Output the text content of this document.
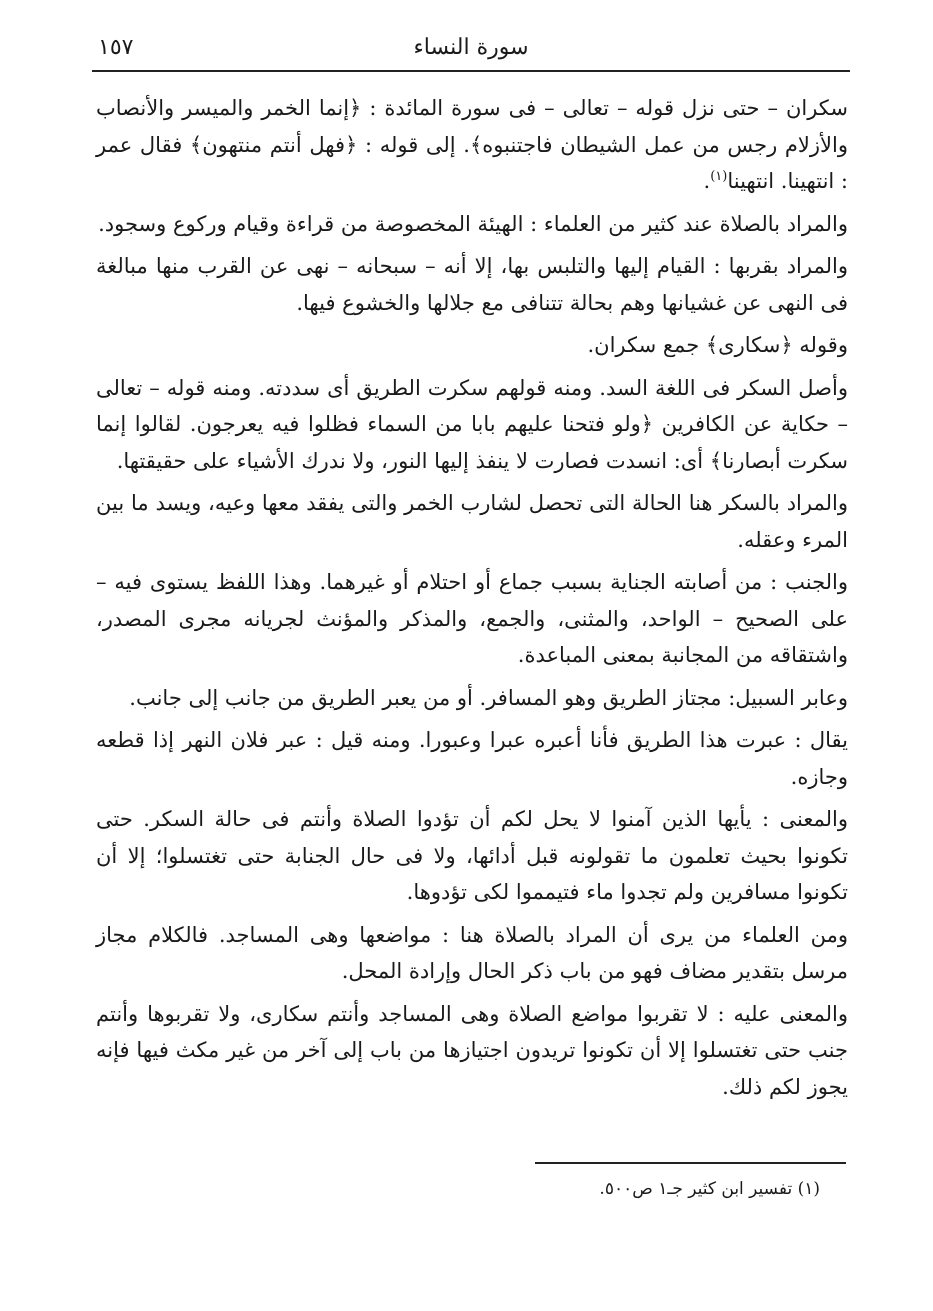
سورة النساء
١٥٧

سكران – حتى نزل قوله – تعالى – فى سورة المائدة : ﴿إنما الخمر والميسر والأنصاب والأزلام رجس من عمل الشيطان فاجتنبوه﴾. إلى قوله : ﴿فهل أنتم منتهون﴾ فقال عمر : انتهينا. انتهينا$^{(١)}$.

والمراد بالصلاة عند كثير من العلماء : الهيئة المخصوصة من قراءة وقيام وركوع وسجود.

والمراد بقربها : القيام إليها والتلبس بها، إلا أنه – سبحانه – نهى عن القرب منها مبالغة فى النهى عن غشيانها وهم بحالة تتنافى مع جلالها والخشوع فيها.

وقوله ﴿سكارى﴾ جمع سكران.

وأصل السكر فى اللغة السد. ومنه قولهم سكرت الطريق أى سددته. ومنه قوله – تعالى – حكاية عن الكافرين ﴿ولو فتحنا عليهم بابا من السماء فظلوا فيه يعرجون. لقالوا إنما سكرت أبصارنا﴾ أى: انسدت فصارت لا ينفذ إليها النور، ولا ندرك الأشياء على حقيقتها.

والمراد بالسكر هنا الحالة التى تحصل لشارب الخمر والتى يفقد معها وعيه، ويسد ما بين المرء وعقله.

والجنب : من أصابته الجناية بسبب جماع أو احتلام أو غيرهما. وهذا اللفظ يستوى فيه – على الصحيح – الواحد، والمثنى، والجمع، والمذكر والمؤنث لجريانه مجرى المصدر، واشتقاقه من المجانبة بمعنى المباعدة.

وعابر السبيل: مجتاز الطريق وهو المسافر. أو من يعبر الطريق من جانب إلى جانب.

يقال : عبرت هذا الطريق فأنا أعبره عبرا وعبورا. ومنه قيل : عبر فلان النهر إذا قطعه وجازه.

والمعنى : يأيها الذين آمنوا لا يحل لكم أن تؤدوا الصلاة وأنتم فى حالة السكر. حتى تكونوا بحيث تعلمون ما تقولونه قبل أدائها، ولا فى حال الجنابة حتى تغتسلوا؛ إلا أن تكونوا مسافرين ولم تجدوا ماء فتيمموا لكى تؤدوها.

ومن العلماء من يرى أن المراد بالصلاة هنا : مواضعها وهى المساجد. فالكلام مجاز مرسل بتقدير مضاف فهو من باب ذكر الحال وإرادة المحل.

والمعنى عليه : لا تقربوا مواضع الصلاة وهى المساجد وأنتم سكارى، ولا تقربوها وأنتم جنب حتى تغتسلوا إلا أن تكونوا تريدون اجتيازها من باب إلى آخر من غير مكث فيها فإنه يجوز لكم ذلك.

(١) تفسير ابن كثير جـ١ ص٥٠٠.
